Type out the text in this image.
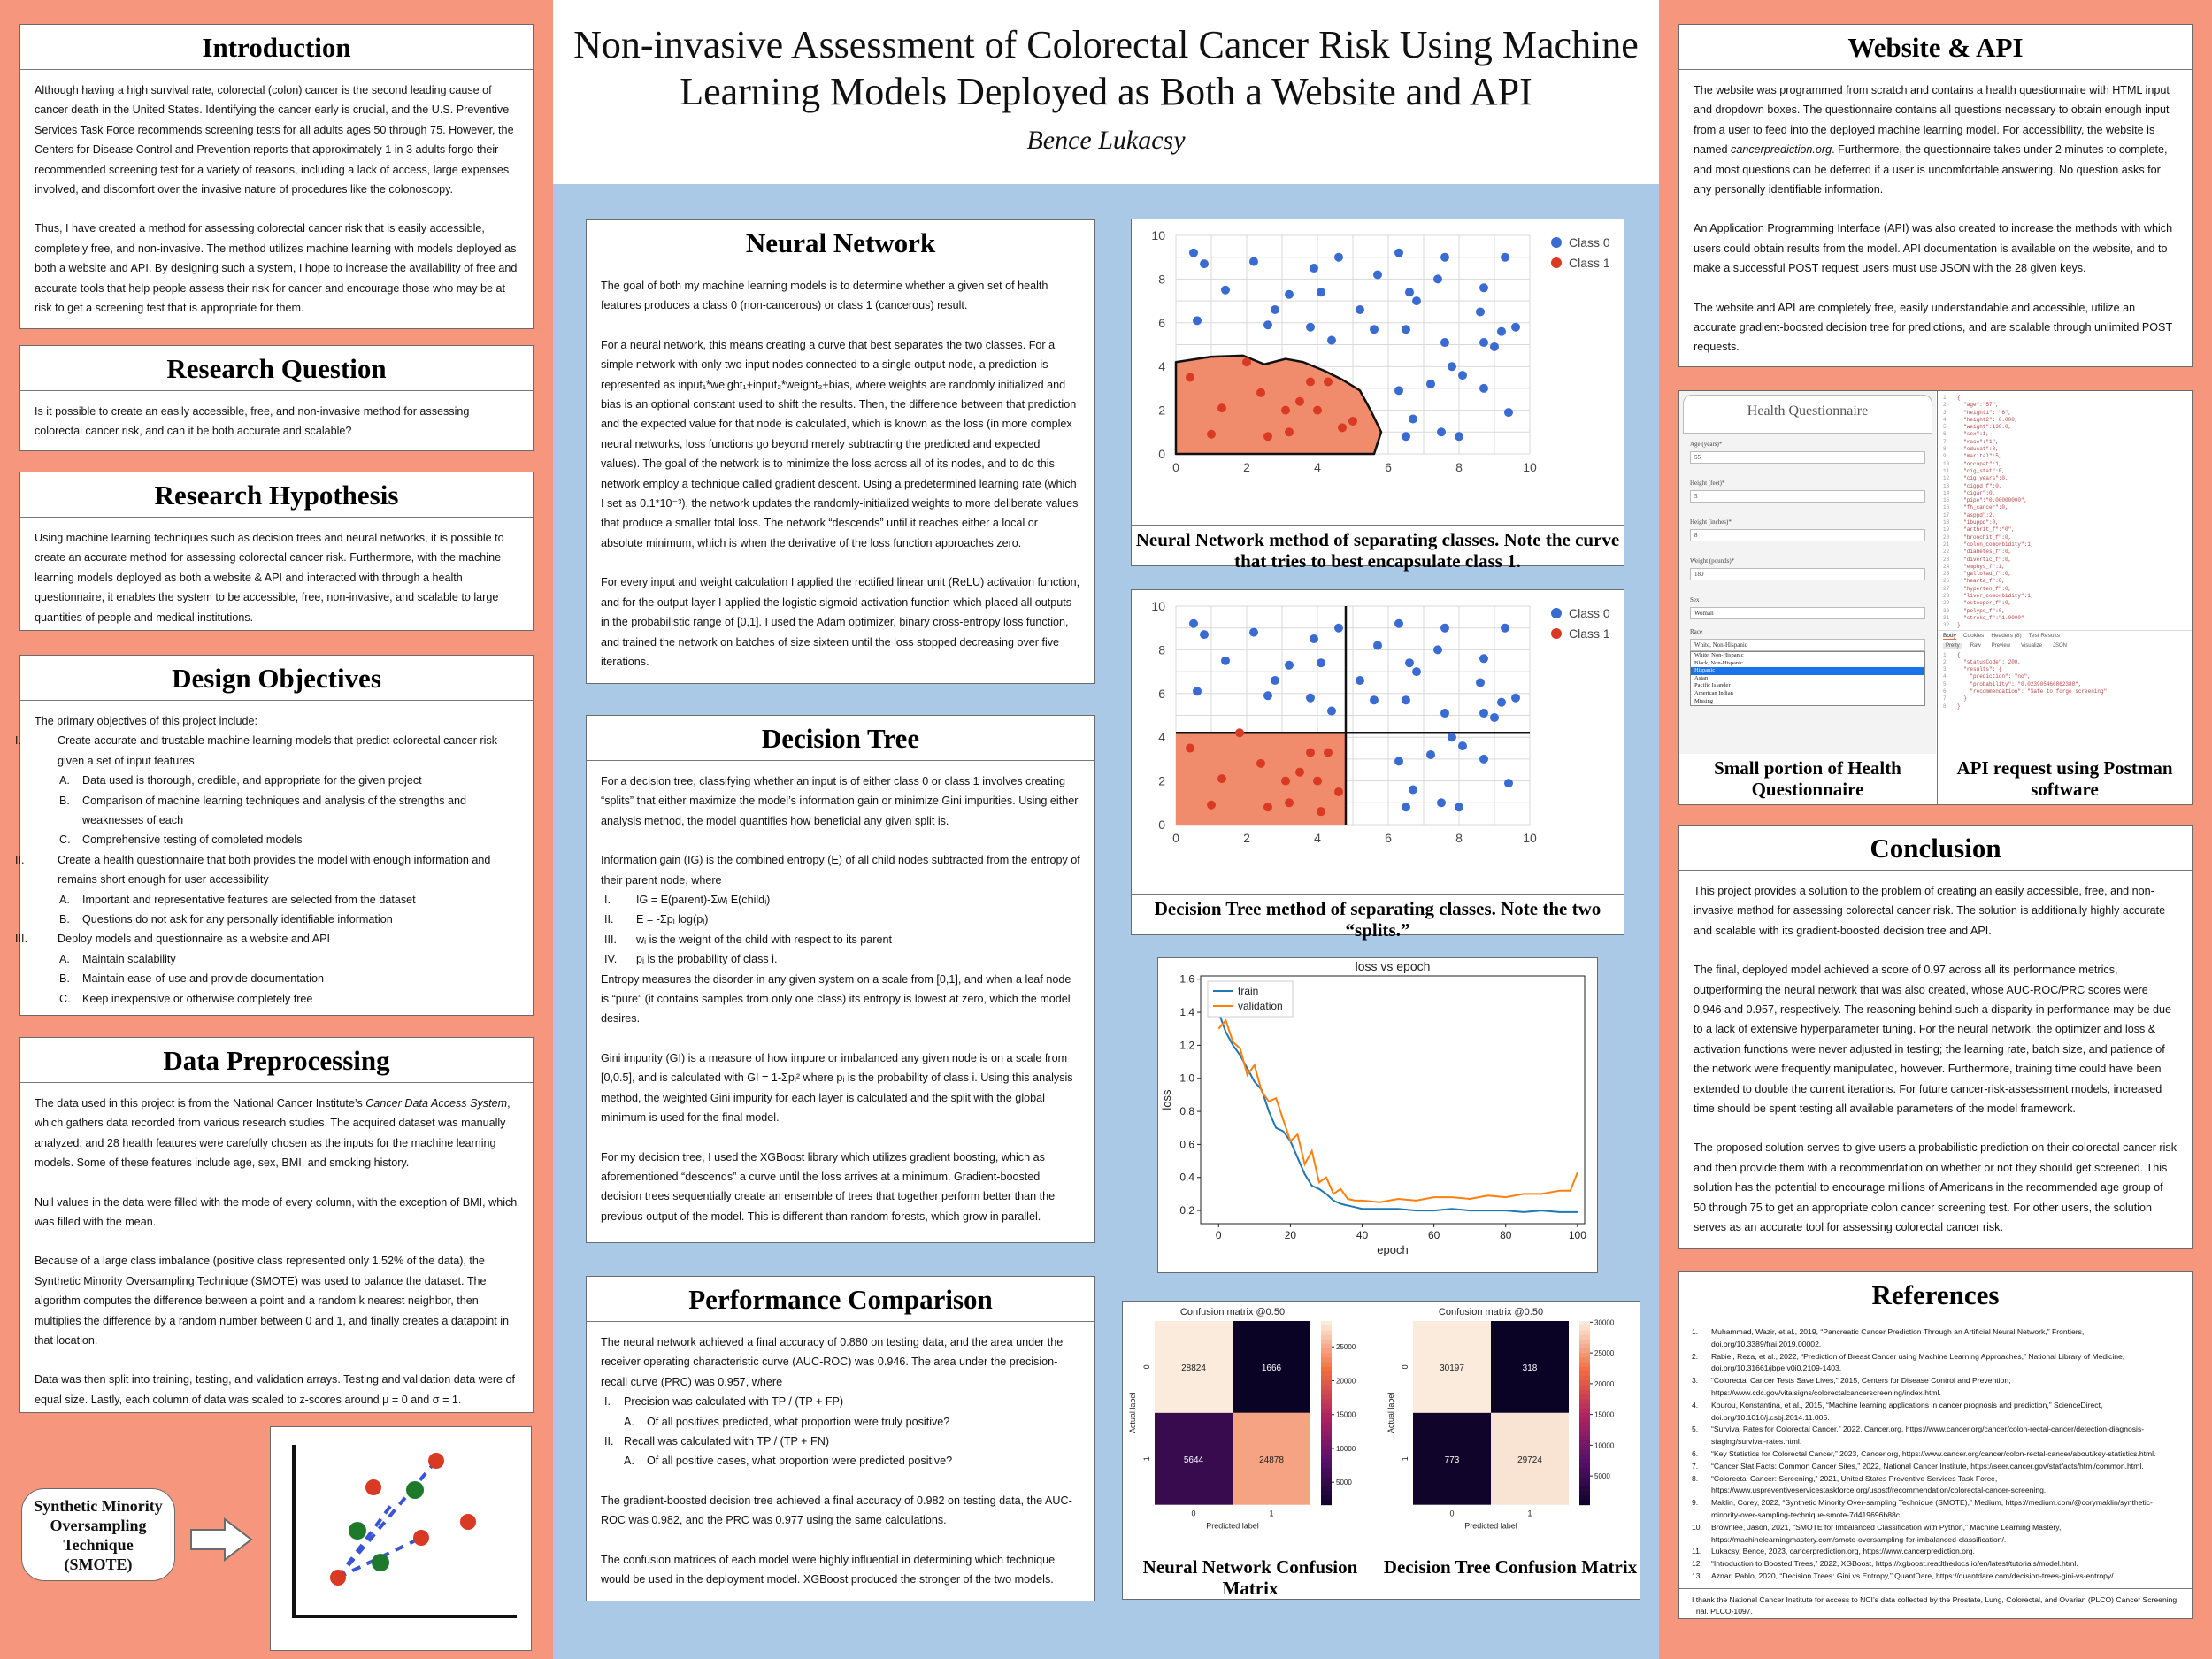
Non-invasive Assessment of Colorectal Cancer Risk Using Machine
Learning Models Deployed as Both a Website and API
Bence Lukacsy
Introduction

Although having a high survival rate, colorectal (colon) cancer is the second leading cause of cancer death in the United States. Identifying the cancer early is crucial, and the U.S. Preventive Services Task Force recommends screening tests for all adults ages 50 through 75. However, the Centers for Disease Control and Prevention reports that approximately 1 in 3 adults forgo their recommended screening test for a variety of reasons, including a lack of access, large expenses involved, and discomfort over the invasive nature of procedures like the colonoscopy.

Thus, I have created a method for assessing colorectal cancer risk that is easily accessible, completely free, and non-invasive. The method utilizes machine learning with models deployed as both a website and API. By designing such a system, I hope to increase the availability of free and accurate tools that help people assess their risk for cancer and encourage those who may be at risk to get a screening test that is appropriate for them.

Research Question

Is it possible to create an easily accessible, free, and non-invasive method for assessing colorectal cancer risk, and can it be both accurate and scalable?

Research Hypothesis

Using machine learning techniques such as decision trees and neural networks, it is possible to create an accurate method for assessing colorectal cancer risk. Furthermore, with the machine learning models deployed as both a website & API and interacted with through a health questionnaire, it enables the system to be accessible, free, non-invasive, and scalable to large quantities of people and medical institutions.

Design Objectives

The primary objectives of this project include:

I.	Create accurate and trustable machine learning models that predict colorectal cancer risk given a set of input features
A. Data used is thorough, credible, and appropriate for the given project
B. Comparison of machine learning techniques and analysis of the strengths and weaknesses of each
C. Comprehensive testing of completed models
II.	Create a health questionnaire that both provides the model with enough information and remains short enough for user accessibility
A. Important and representative features are selected from the dataset
B. Questions do not ask for any personally identifiable information
III.	Deploy models and questionnaire as a website and API
A. Maintain scalability
B. Maintain ease-of-use and provide documentation
C. Keep inexpensive or otherwise completely free
Data Preprocessing

The data used in this project is from the National Cancer Institute’s Cancer Data Access System, which gathers data recorded from various research studies. The acquired dataset was manually analyzed, and 28 health features were carefully chosen as the inputs for the machine learning models. Some of these features include age, sex, BMI, and smoking history.

Null values in the data were filled with the mode of every column, with the exception of BMI, which was filled with the mean.

Because of a large class imbalance (positive class represented only 1.52% of the data), the Synthetic Minority Oversampling Technique (SMOTE) was used to balance the dataset. The algorithm computes the difference between a point and a random k nearest neighbor, then multiplies the difference by a random number between 0 and 1, and finally creates a datapoint in that location.

Data was then split into training, testing, and validation arrays. Testing and validation data were of equal size. Lastly, each column of data was scaled to z-scores around μ = 0 and σ = 1.

Synthetic Minority Oversampling Technique (SMOTE)
Neural Network

The goal of both my machine learning models is to determine whether a given set of health features produces a class 0 (non-cancerous) or class 1 (cancerous) result.

For a neural network, this means creating a curve that best separates the two classes. For a simple network with only two input nodes connected to a single output node, a prediction is represented as input₁*weight₁+input₂*weight₂+bias, where weights are randomly initialized and bias is an optional constant used to shift the results. Then, the difference between that prediction and the expected value for that node is calculated, which is known as the loss (in more complex neural networks, loss functions go beyond merely subtracting the predicted and expected values). The goal of the network is to minimize the loss across all of its nodes, and to do this network employ a technique called gradient descent. Using a predetermined learning rate (which I set as 0.1*10⁻³), the network updates the randomly-initialized weights to more deliberate values that produce a smaller total loss. The network “descends” until it reaches either a local or absolute minimum, which is when the derivative of the loss function approaches zero.

For every input and weight calculation I applied the rectified linear unit (ReLU) activation function, and for the output layer I applied the logistic sigmoid activation function which placed all outputs in the probabilistic range of [0,1]. I used the Adam optimizer, binary cross-entropy loss function, and trained the network on batches of size sixteen until the loss stopped decreasing over five iterations.

Decision Tree

For a decision tree, classifying whether an input is of either class 0 or class 1 involves creating “splits” that either maximize the model’s information gain or minimize Gini impurities. Using either analysis method, the model quantifies how beneficial any given split is.

Information gain (IG) is the combined entropy (E) of all child nodes subtracted from the entropy of their parent node, where

I. IG = E(parent)-Σwᵢ E(childᵢ)
II. E = -Σpᵢ log(pᵢ)
III. wᵢ is the weight of the child with respect to its parent
IV. pᵢ is the probability of class i.

Entropy measures the disorder in any given system on a scale from [0,1], and when a leaf node is “pure” (it contains samples from only one class) its entropy is lowest at zero, which the model desires.

Gini impurity (GI) is a measure of how impure or imbalanced any given node is on a scale from [0,0.5], and is calculated with GI = 1-Σpᵢ² where pᵢ is the probability of class i. Using this analysis method, the weighted Gini impurity for each layer is calculated and the split with the global minimum is used for the final model.

For my decision tree, I used the XGBoost library which utilizes gradient boosting, which as aforementioned “descends” a curve until the loss arrives at a minimum. Gradient-boosted decision trees sequentially create an ensemble of trees that together perform better than the previous output of the model. This is different than random forests, which grow in parallel.

Performance Comparison

The neural network achieved a final accuracy of 0.880 on testing data, and the area under the receiver operating characteristic curve (AUC-ROC) was 0.946. The area under the precision-recall curve (PRC) was 0.957, where

I. Precision was calculated with TP / (TP + FP)
A. Of all positives predicted, what proportion were truly positive?
II. Recall was calculated with TP / (TP + FN)
A. Of all positive cases, what proportion were predicted positive?

The gradient-boosted decision tree achieved a final accuracy of 0.982 on testing data, the AUC-ROC was 0.982, and the PRC was 0.977 using the same calculations.

The confusion matrices of each model were highly influential in determining which technique would be used in the deployment model. XGBoost produced the stronger of the two models.

0	2	4	6	8	10
0
2
4
6
8
10	Class 0
Class 1
Neural Network method of separating classes. Note the curve that tries to best encapsulate class 1.
0	2	4	6	8	10
0
2
4
6
8
10	Class 0
Class 1
Decision Tree method of separating classes. Note the two “splits.”
loss vs epoch
0	20	40	60	80	100
0.2
0.4
0.6
0.8
1.0
1.2
1.4
1.6
epoch
loss
train
validation
Confusion matrix @0.50
28824	1666
5644	24878
0	1
0
1
Predicted label
Actual label
5000
10000
15000
20000
25000
Confusion matrix @0.50
30197	318
773	29724
0	1
0
1
Predicted label
Actual label
5000
10000
15000
20000
25000
30000
Neural Network Confusion Matrix
Decision Tree Confusion Matrix
Website & API

The website was programmed from scratch and contains a health questionnaire with HTML input and dropdown boxes. The questionnaire contains all questions necessary to obtain enough input from a user to feed into the deployed machine learning model. For accessibility, the website is named cancerprediction.org. Furthermore, the questionnaire takes under 2 minutes to complete, and most questions can be deferred if a user is uncomfortable answering. No question asks for any personally identifiable information.

An Application Programming Interface (API) was also created to increase the methods with which users could obtain results from the model. API documentation is available on the website, and to make a successful POST request users must use JSON with the 28 given keys.

The website and API are completely free, easily understandable and accessible, utilize an accurate gradient-boosted decision tree for predictions, and are scalable through unlimited POST requests.

Health Questionnaire
Age (years)*
55
Height (feet)*
5
Height (inches)*
8
Weight (pounds)*
180
Sex
Woman
Race
White, Non-Hispanic
White, Non-Hispanic
Black, Non-Hispanic
Hispanic
Asian
Pacific Islander
American Indian
Missing
1 {
2 "age":"57",
3 "height1": "6",
4 "height2": 0.000,
5 "weight":130.0,
6 "sex":1,
7 "race":"1",
8 "educat":3,
9 "marital":5,
10 "occupat":1,
11 "cig_stat":0,
12 "cig_years":0,
13 "cigpd_f":0,
14 "cigar":0,
15 "pipe":"0.00000000",
16 "fh_cancer":0,
17 "asppd":2,
18 "ibuppd":0,
19 "arthrit_f":"0",
20 "bronchit_f":0,
21 "colon_comorbidity":1,
22 "diabetes_f":0,
23 "divertic_f":0,
24 "emphys_f":1,
25 "gallblad_f":0,
26 "hearta_f":0,
27 "hyperten_f":0,
28 "liver_comorbidity":1,
29 "osteopor_f":0,
30 "polyps_f":0,
31 "stroke_f":"1.0000"
32 }
Body Cookies Headers (8) Test Results
Pretty	Raw	Preview	Visualize	JSON
1 {
2 "statusCode": 200,
3 "results": {
4 "prediction": "no",
5 "probability": "0.023905466862388",
6 "recommendation": "Safe to forgo screening"
7 }
8 }
Small portion of Health Questionnaire
API request using Postman software
Conclusion

This project provides a solution to the problem of creating an easily accessible, free, and non-invasive method for assessing colorectal cancer risk. The solution is additionally highly accurate and scalable with its gradient-boosted decision tree and API.

The final, deployed model achieved a score of 0.97 across all its performance metrics, outperforming the neural network that was also created, whose AUC-ROC/PRC scores were 0.946 and 0.957, respectively. The reasoning behind such a disparity in performance may be due to a lack of extensive hyperparameter tuning. For the neural network, the optimizer and loss & activation functions were never adjusted in testing; the learning rate, batch size, and patience of the network were frequently manipulated, however. Furthermore, training time could have been extended to double the current iterations. For future cancer-risk-assessment models, increased time should be spent testing all available parameters of the model framework.

The proposed solution serves to give users a probabilistic prediction on their colorectal cancer risk and then provide them with a recommendation on whether or not they should get screened. This solution has the potential to encourage millions of Americans in the recommended age group of 50 through 75 to get an appropriate colon cancer screening test. For other users, the solution serves as an accurate tool for assessing colorectal cancer risk.

References
1. Muhammad, Wazir, et al., 2019, “Pancreatic Cancer Prediction Through an Artificial Neural Network,” Frontiers, doi.org/10.3389/frai.2019.00002.
2. Rabiei, Reza, et al., 2022, “Prediction of Breast Cancer using Machine Learning Approaches,” National Library of Medicine, doi.org/10.31661/jbpe.v0i0.2109-1403.
3. “Colorectal Cancer Tests Save Lives,” 2015, Centers for Disease Control and Prevention, https://www.cdc.gov/vitalsigns/colorectalcancerscreening/index.html.
4. Kourou, Konstantina, et al., 2015, “Machine learning applications in cancer prognosis and prediction,” ScienceDirect, doi.org/10.1016/j.csbj.2014.11.005.
5. “Survival Rates for Colorectal Cancer,” 2022, Cancer.org, https://www.cancer.org/cancer/colon-rectal-cancer/detection-diagnosis-staging/survival-rates.html.
6. “Key Statistics for Colorectal Cancer,” 2023, Cancer.org, https://www.cancer.org/cancer/colon-rectal-cancer/about/key-statistics.html.
7. “Cancer Stat Facts: Common Cancer Sites,” 2022, National Cancer Institute, https://seer.cancer.gov/statfacts/html/common.html.
8. “Colorectal Cancer: Screening,” 2021, United States Preventive Services Task Force, https://www.uspreventiveservicestaskforce.org/uspstf/recommendation/colorectal-cancer-screening.
9. Maklin, Corey, 2022, “Synthetic Minority Over-sampling Technique (SMOTE),” Medium, https://medium.com/@corymaklin/synthetic-minority-over-sampling-technique-smote-7d419696b88c.
10. Brownlee, Jason, 2021, “SMOTE for Imbalanced Classification with Python,” Machine Learning Mastery, https://machinelearningmastery.com/smote-oversampling-for-imbalanced-classification/.
11. Lukacsy, Bence, 2023, cancerprediction.org, https://www.cancerprediction.org.
12. “Introduction to Boosted Trees,” 2022, XGBoost, https://xgboost.readthedocs.io/en/latest/tutorials/model.html.
13. Aznar, Pablo, 2020, “Decision Trees: Gini vs Entropy,” QuantDare, https://quantdare.com/decision-trees-gini-vs-entropy/.
I thank the National Cancer Institute for access to NCI’s data collected by the Prostate, Lung, Colorectal, and Ovarian (PLCO) Cancer Screening Trial. PLCO-1097.
